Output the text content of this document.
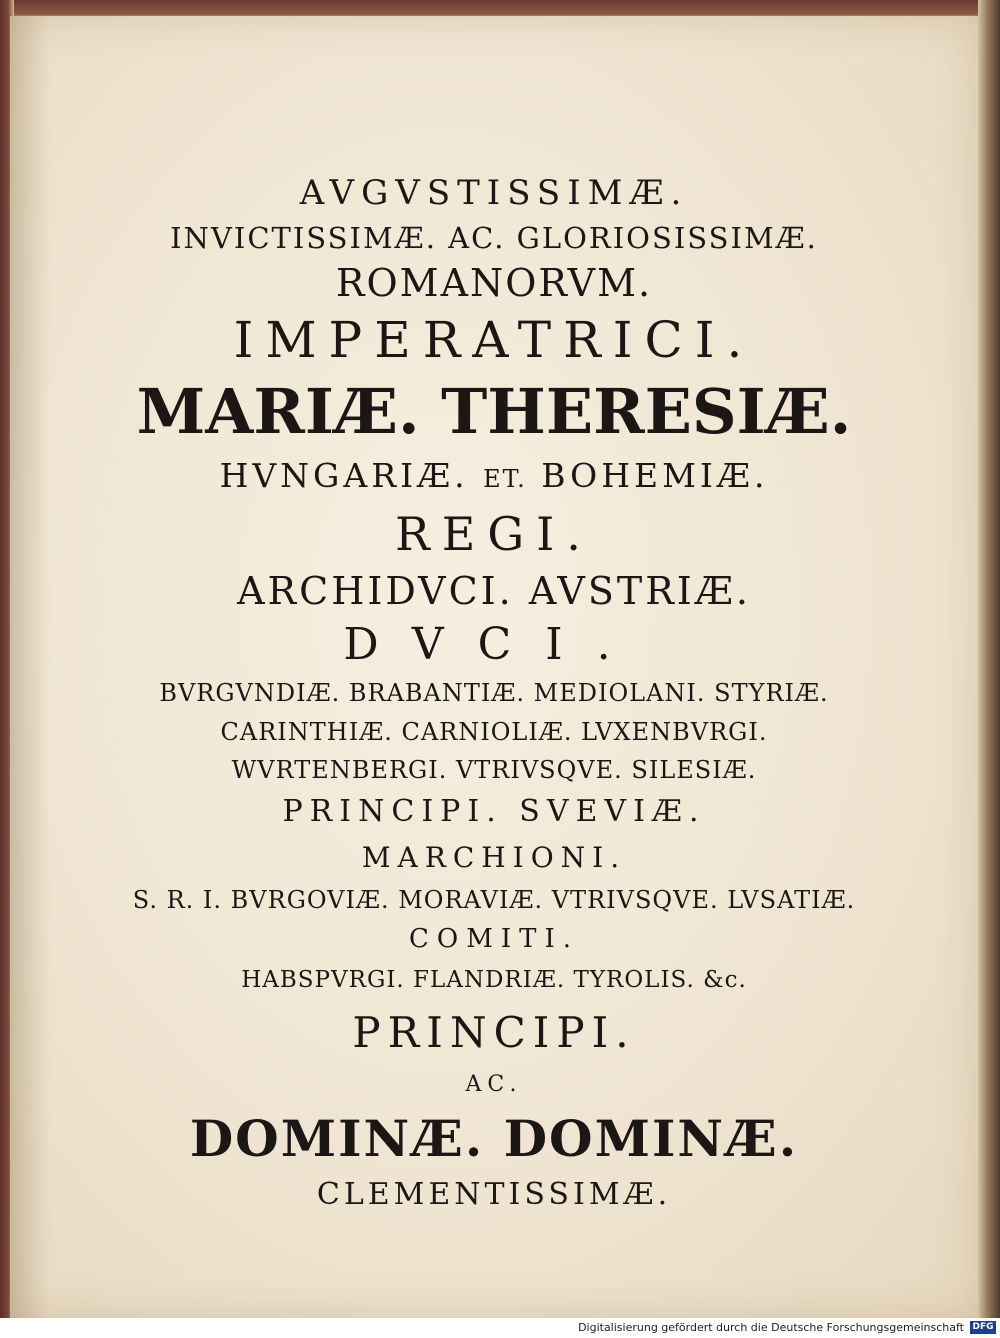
AVGVSTISSIMÆ.
INVICTISSIMÆ. AC. GLORIOSISSIMÆ.
ROMANORVM.
IMPERATRICI.
MARIÆ. THERESIÆ.
HVNGARIÆ. ET. BOHEMIÆ.
REGI.
ARCHIDVCI. AVSTRIÆ.
DVCI.
BVRGVNDIÆ. BRABANTIÆ. MEDIOLANI. STYRIÆ.
CARINTHIÆ. CARNIOLIÆ. LVXENBVRGI.
WVRTENBERGI. VTRIVSQVE. SILESIÆ.
PRINCIPI. SVEVIÆ.
MARCHIONI.
S. R. I. BVRGOVIÆ. MORAVIÆ. VTRIVSQVE. LVSATIÆ.
COMITI.
HABSPVRGI. FLANDRIÆ. TYROLIS. &c.
PRINCIPI.
AC.
DOMINÆ. DOMINÆ.
CLEMENTISSIMÆ.
Digitalisierung gefördert durch die Deutsche Forschungsgemeinschaft DFG
